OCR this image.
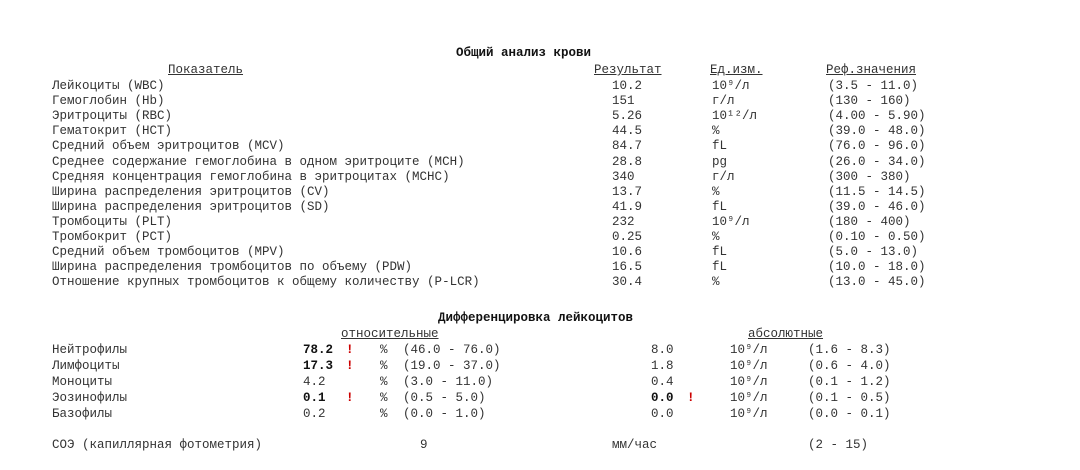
Общий анализ крови
Показатель	Результат	Ед.изм.	Реф.значения
Лейкоциты (WBC)	10.2	10⁹/л	(3.5 - 11.0)
Гемоглобин (Hb)	151	г/л	(130 - 160)
Эритроциты (RBC)	5.26	10¹²/л	(4.00 - 5.90)
Гематокрит (HCT)	44.5	%	(39.0 - 48.0)
Средний объем эритроцитов (MCV)	84.7	fL	(76.0 - 96.0)
Среднее содержание гемоглобина в одном эритроците (MCH)	28.8	pg	(26.0 - 34.0)
Средняя концентрация гемоглобина в эритроцитах (MCHC)	340	г/л	(300 - 380)
Ширина распределения эритроцитов (CV)	13.7	%	(11.5 - 14.5)
Ширина распределения эритроцитов (SD)	41.9	fL	(39.0 - 46.0)
Тромбоциты (PLT)	232	10⁹/л	(180 - 400)
Тромбокрит (PCT)	0.25	%	(0.10 - 0.50)
Средний объем тромбоцитов (MPV)	10.6	fL	(5.0 - 13.0)
Ширина распределения тромбоцитов по объему (PDW)	16.5	fL	(10.0 - 18.0)
Отношение крупных тромбоцитов к общему количеству (P-LCR)	30.4	%	(13.0 - 45.0)
Дифференцировка лейкоцитов
относительные	абсолютные
Нейтрофилы	78.2 ! % (46.0 - 76.0)	8.0	10⁹/л	(1.6 - 8.3)
Лимфоциты	17.3 ! % (19.0 - 37.0)	1.8	10⁹/л	(0.6 - 4.0)
Моноциты	4.2	% (3.0 - 11.0)	0.4	10⁹/л	(0.1 - 1.2)
Эозинофилы	0.1 ! % (0.5 - 5.0)	0.0 !	10⁹/л	(0.1 - 0.5)
Базофилы	0.2	% (0.0 - 1.0)	0.0	10⁹/л	(0.0 - 0.1)
СОЭ (капиллярная фотометрия)	9	мм/час	(2 - 15)
